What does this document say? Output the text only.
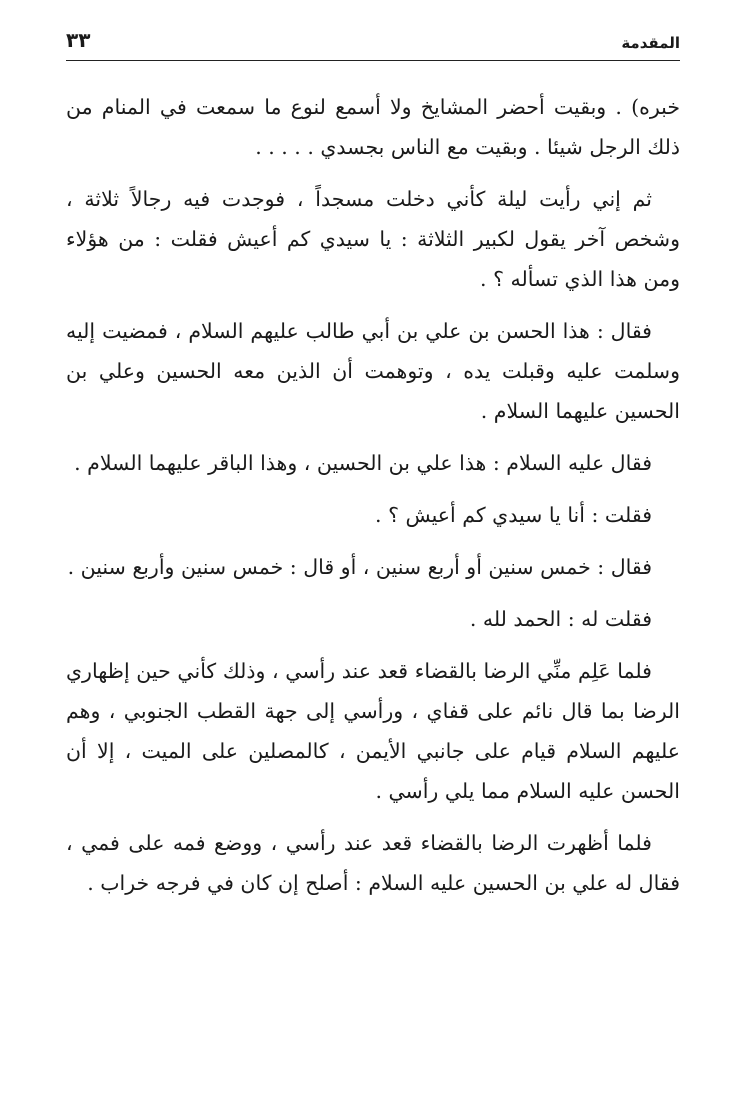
المقدمة
٣٣

خبره) . وبقيت أحضر المشايخ ولا أسمع لنوع ما سمعت في المنام من ذلك الرجل شيئا . وبقيت مع الناس بجسدي . . . . .

ثم إني رأيت ليلة كأني دخلت مسجداً ، فوجدت فيه رجالاً ثلاثة ، وشخص آخر يقول لكبير الثلاثة : يا سيدي كم أعيش فقلت : من هؤلاء ومن هذا الذي تسأله ؟ .

فقال : هذا الحسن بن علي بن أبي طالب عليهم السلام ، فمضيت إليه وسلمت عليه وقبلت يده ، وتوهمت أن الذين معه الحسين وعلي بن الحسين عليهما السلام .

فقال عليه السلام : هذا علي بن الحسين ، وهذا الباقر عليهما السلام .

فقلت : أنا يا سيدي كم أعيش ؟ .

فقال : خمس سنين أو أربع سنين ، أو قال : خمس سنين وأربع سنين .

فقلت له : الحمد لله .

فلما عَلِم منِّي الرضا بالقضاء قعد عند رأسي ، وذلك كأني حين إظهاري الرضا بما قال نائم على قفاي ، ورأسي إلى جهة القطب الجنوبي ، وهم عليهم السلام قيام على جانبي الأيمن ، كالمصلين على الميت ، إلا أن الحسن عليه السلام مما يلي رأسي .

فلما أظهرت الرضا بالقضاء قعد عند رأسي ، ووضع فمه على فمي ، فقال له علي بن الحسين عليه السلام : أصلح إن كان في فرجه خراب .
